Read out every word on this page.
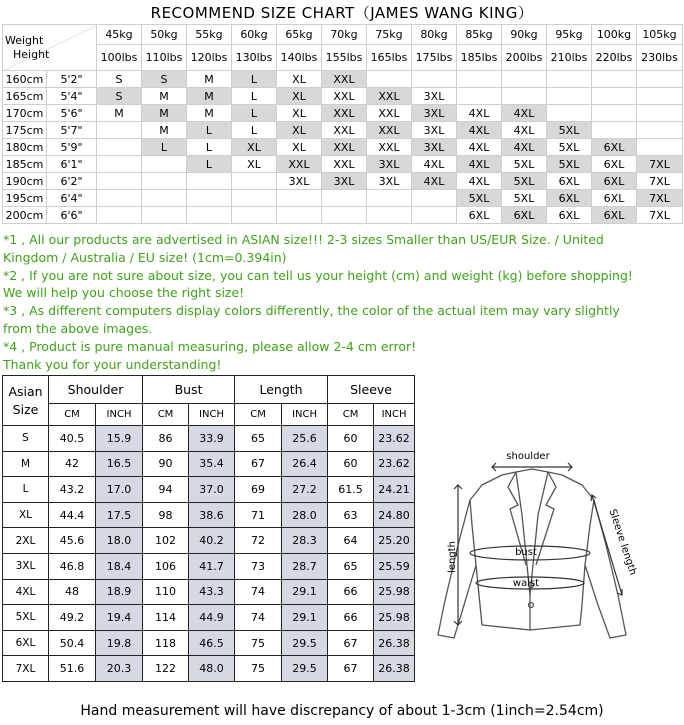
RECOMMEND SIZE CHART（JAMES WANG KING）
Weight
Height		45kg	50kg	55kg	60kg	65kg	70kg	75kg	80kg	85kg	90kg	95kg	100kg	105kg
		100lbs	110lbs	120lbs	130lbs	140lbs	155lbs	165lbs	175lbs	185lbs	200lbs	210lbs	220lbs	230lbs
160cm	5'2"	S	S	M	L	XL	XXL							
165cm	5'4"	S	M	M	L	XL	XXL	XXL	3XL					
170cm	5'6"	M	M	M	L	XL	XXL	XXL	3XL	4XL	4XL			
175cm	5'7"		M	L	L	XL	XXL	XXL	3XL	4XL	4XL	5XL		
180cm	5'9"		L	L	XL	XL	XXL	XXL	3XL	4XL	4XL	5XL	6XL	
185cm	6'1"			L	XL	XXL	XXL	3XL	4XL	4XL	5XL	5XL	6XL	7XL
190cm	6'2"					3XL	3XL	3XL	4XL	4XL	5XL	6XL	6XL	7XL
195cm	6'4"									5XL	5XL	6XL	6XL	7XL
200cm	6'6"									6XL	6XL	6XL	6XL	7XL

*1 , All our products are advertised in ASIAN size!!! 2-3 sizes Smaller than US/EUR Size. / United

Kingdom / Australia / EU size! (1cm=0.394in)

*2 , If you are not sure about size, you can tell us your height (cm) and weight (kg) before shopping!

We will help you choose the right size!

*3 , As different computers display colors differently, the color of the actual item may vary slightly

from the above images.

*4 , Product is pure manual measuring, please allow 2-4 cm error!

Thank you for your understanding!

Asian
Size	Shoulder		Bust		Length		Sleeve	
	CM	INCH	CM	INCH	CM	INCH	CM	INCH
S	40.5	15.9	86	33.9	65	25.6	60	23.62
M	42	16.5	90	35.4	67	26.4	60	23.62
L	43.2	17.0	94	37.0	69	27.2	61.5	24.21
XL	44.4	17.5	98	38.6	71	28.0	63	24.80
2XL	45.6	18.0	102	40.2	72	28.3	64	25.20
3XL	46.8	18.4	106	41.7	73	28.7	65	25.59
4XL	48	18.9	110	43.3	74	29.1	66	25.98
5XL	49.2	19.4	114	44.9	74	29.1	66	25.98
6XL	50.4	19.8	118	46.5	75	29.5	67	26.38
7XL	51.6	20.3	122	48.0	75	29.5	67	26.38
shoulder
length	bust
waist
Sleeve length
Hand measurement will have discrepancy of about 1-3cm (1inch=2.54cm)
